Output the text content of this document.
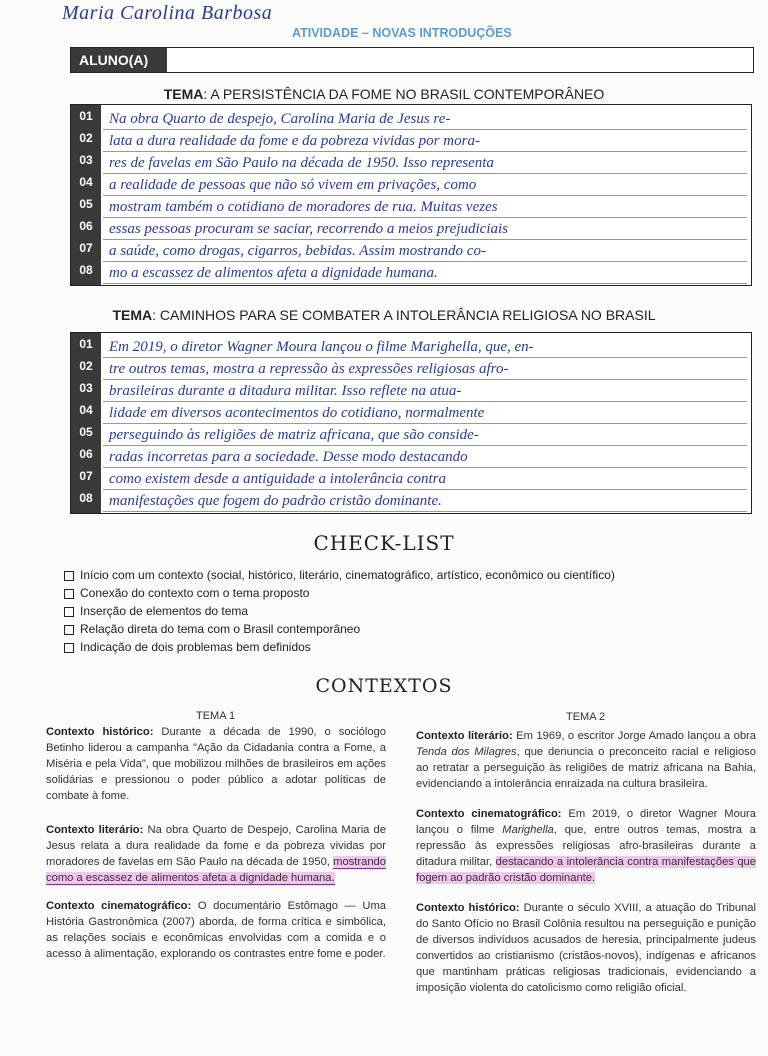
Maria Carolina Barbosa
ATIVIDADE – NOVAS INTRODUÇÕES
ALUNO(A)
TEMA: A PERSISTÊNCIA DA FOME NO BRASIL CONTEMPORÂNEO
01
02
03
04
05
06
07
08
Na obra Quarto de despejo, Carolina Maria de Jesus re-
lata a dura realidade da fome e da pobreza vividas por mora-
res de favelas em São Paulo na década de 1950. Isso representa
a realidade de pessoas que não só vivem em privações, como
mostram também o cotidiano de moradores de rua. Muitas vezes
essas pessoas procuram se saciar, recorrendo a meios prejudiciais
a saúde, como drogas, cigarros, bebidas. Assim mostrando co-
mo a escassez de alimentos afeta a dignidade humana.
TEMA: CAMINHOS PARA SE COMBATER A INTOLERÂNCIA RELIGIOSA NO BRASIL
01
02
03
04
05
06
07
08
Em 2019, o diretor Wagner Moura lançou o filme Marighella, que, en-
tre outros temas, mostra a repressão às expressões religiosas afro-
brasileiras durante a ditadura militar. Isso reflete na atua-
lidade em diversos acontecimentos do cotidiano, normalmente
perseguindo às religiões de matriz africana, que são conside-
radas incorretas para a sociedade. Desse modo destacando
como existem desde a antiguidade a intolerância contra
manifestações que fogem do padrão cristão dominante.
CHECK-LIST
Início com um contexto (social, histórico, literário, cinematográfico, artístico, econômico ou científico)
Conexão do contexto com o tema proposto
Inserção de elementos do tema
Relação direta do tema com o Brasil contemporâneo
Indicação de dois problemas bem definidos
CONTEXTOS
TEMA 1	TEMA 2
Contexto histórico: Durante a década de 1990, o sociólogo Betinho liderou a campanha "Ação da Cidadania contra a Fome, a Miséria e pela Vida", que mobilizou milhões de brasileiros em ações solidárias e pressionou o poder público a adotar políticas de combate à fome.
Contexto literário: Na obra Quarto de Despejo, Carolina Maria de Jesus relata a dura realidade da fome e da pobreza vividas por moradores de favelas em São Paulo na década de 1950, mostrando como a escassez de alimentos afeta a dignidade humana.
Contexto cinematográfico: O documentário Estômago — Uma História Gastronômica (2007) aborda, de forma crítica e simbólica, as relações sociais e econômicas envolvidas com a comida e o acesso à alimentação, explorando os contrastes entre fome e poder.
Contexto literário: Em 1969, o escritor Jorge Amado lançou a obra Tenda dos Milagres, que denuncia o preconceito racial e religioso ao retratar a perseguição às religiões de matriz africana na Bahia, evidenciando a intolerância enraizada na cultura brasileira.
Contexto cinematográfico: Em 2019, o diretor Wagner Moura lançou o filme Marighella, que, entre outros temas, mostra a repressão às expressões religiosas afro-brasileiras durante a ditadura militar, destacando a intolerância contra manifestações que fogem ao padrão cristão dominante.
Contexto histórico: Durante o século XVIII, a atuação do Tribunal do Santo Ofício no Brasil Colônia resultou na perseguição e punição de diversos indivíduos acusados de heresia, principalmente judeus convertidos ao cristianismo (cristãos-novos), indígenas e africanos que mantinham práticas religiosas tradicionais, evidenciando a imposição violenta do catolicismo como religião oficial.
